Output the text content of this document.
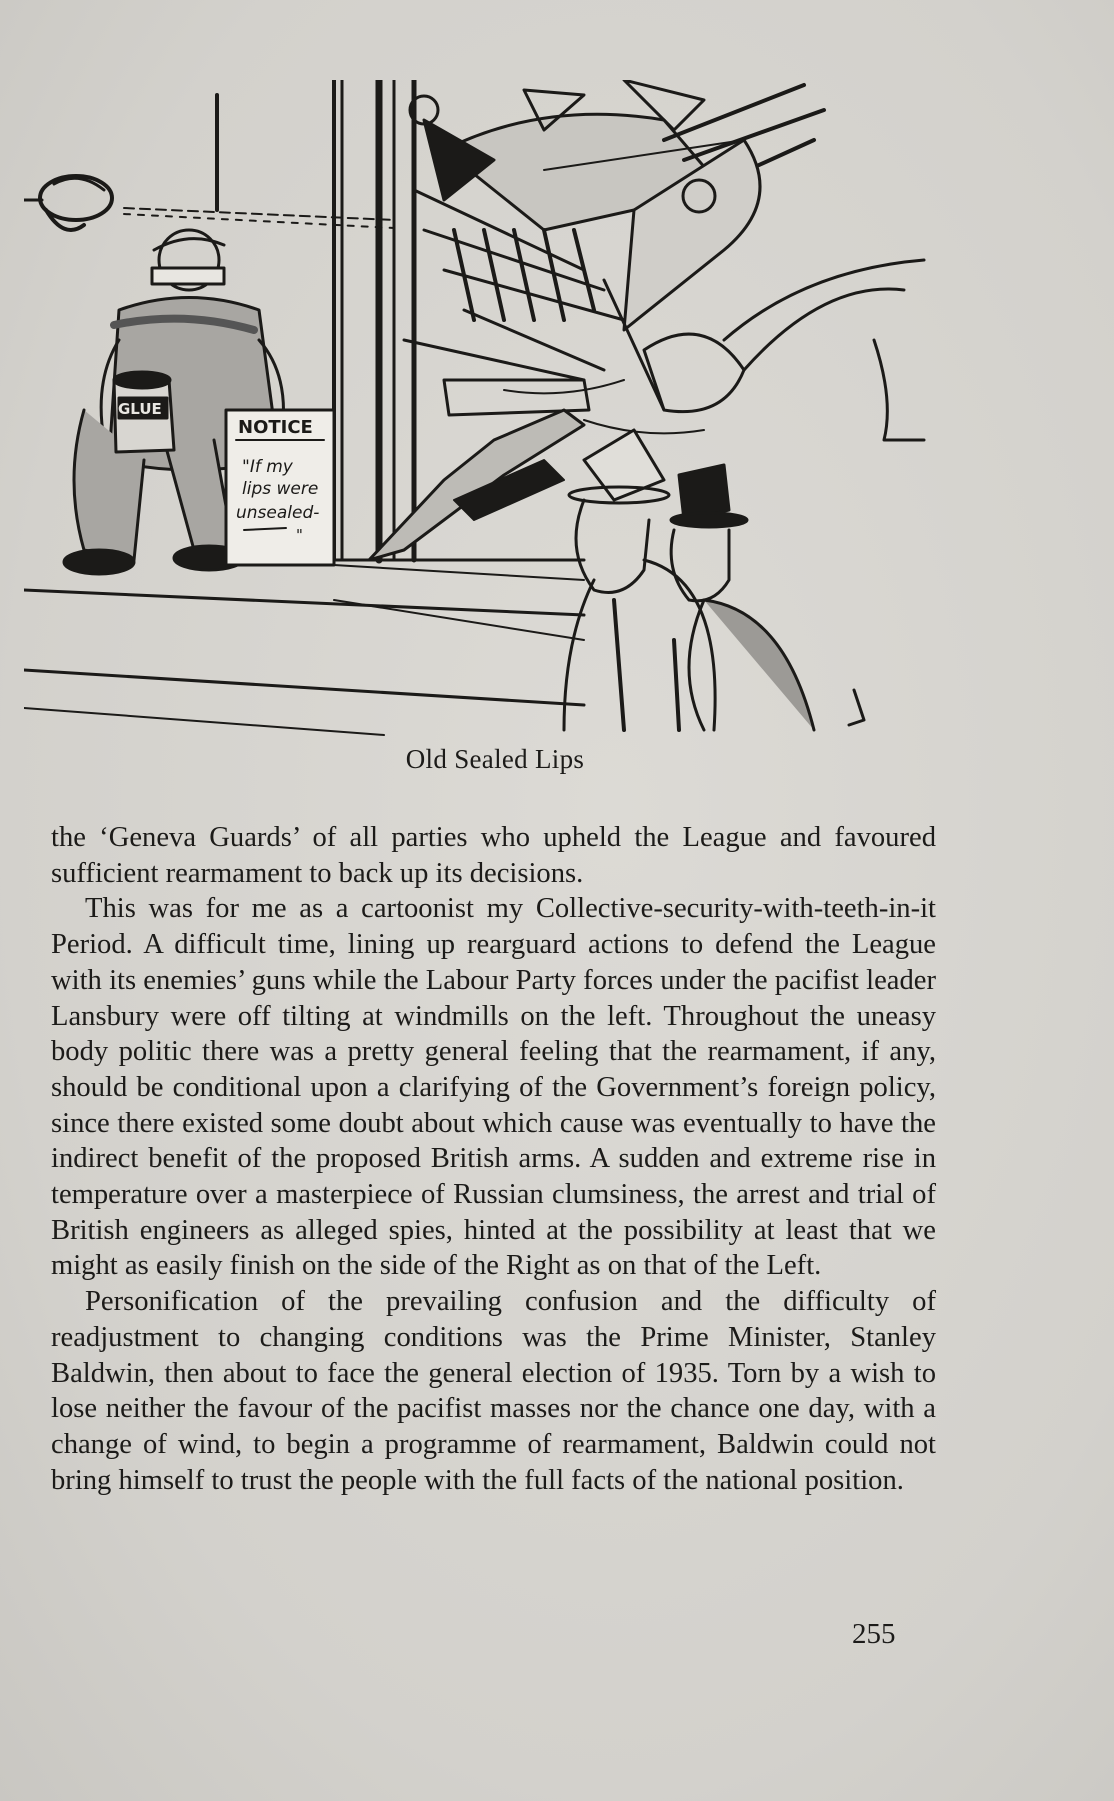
GLUE
NOTICE
"If my
lips were
unsealed-
"
Old Sealed Lips

the ‘Geneva Guards’ of all parties who upheld the League and favoured sufficient rearmament to back up its decisions.

This was for me as a cartoonist my Collective-security-with-teeth-in-it Period. A difficult time, lining up rearguard actions to defend the League with its enemies’ guns while the Labour Party forces under the pacifist leader Lansbury were off tilting at windmills on the left. Throughout the uneasy body politic there was a pretty general feeling that the rearmament, if any, should be conditional upon a clarifying of the Government’s foreign policy, since there existed some doubt about which cause was eventually to have the indirect benefit of the proposed British arms. A sudden and extreme rise in temperature over a masterpiece of Russian clumsiness, the arrest and trial of British engineers as alleged spies, hinted at the possibility at least that we might as easily finish on the side of the Right as on that of the Left.

Personification of the prevailing confusion and the difficulty of readjustment to changing conditions was the Prime Minister, Stanley Baldwin, then about to face the general election of 1935. Torn by a wish to lose neither the favour of the pacifist masses nor the chance one day, with a change of wind, to begin a programme of rearmament, Baldwin could not bring himself to trust the people with the full facts of the national position.

255
